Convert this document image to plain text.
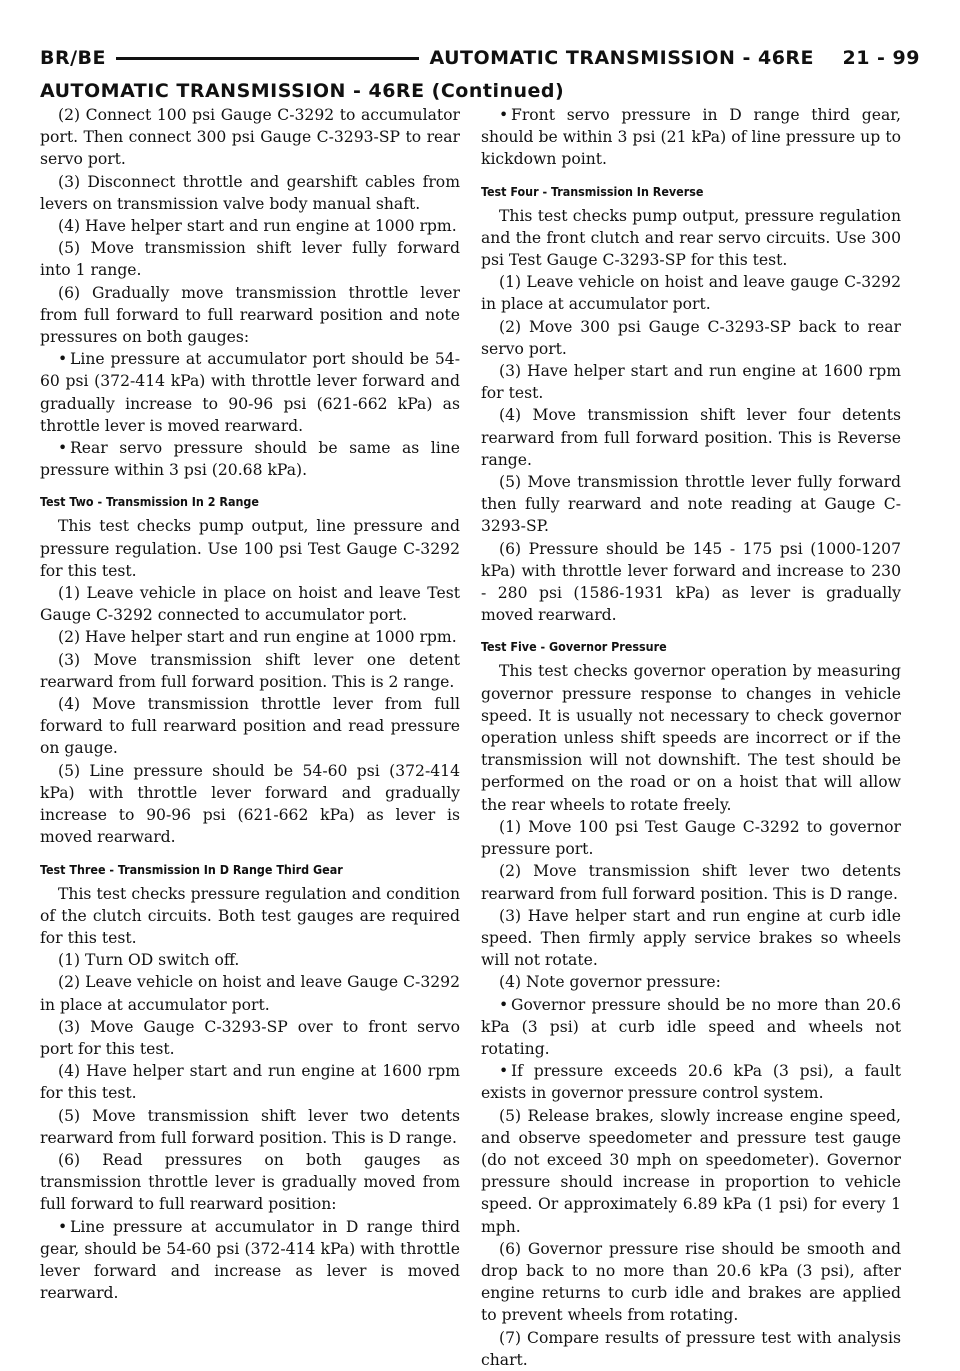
BR/BE	AUTOMATIC TRANSMISSION - 46RE    21 - 99
AUTOMATIC TRANSMISSION - 46RE (Continued)

(2) Connect 100 psi Gauge C-3292 to accumulator port. Then connect 300 psi Gauge C-3293-SP to rear servo port.

(3) Disconnect throttle and gearshift cables from levers on transmission valve body manual shaft.

(4) Have helper start and run engine at 1000 rpm.

(5) Move transmission shift lever fully forward into 1 range.

(6) Gradually move transmission throttle lever from full forward to full rearward position and note pressures on both gauges:

• Line pressure at accumulator port should be 54-60 psi (372-414 kPa) with throttle lever forward and gradually increase to 90-96 psi (621-662 kPa) as throttle lever is moved rearward.

• Rear servo pressure should be same as line pressure within 3 psi (20.68 kPa).

Test Two - Transmission In 2 Range

This test checks pump output, line pressure and pressure regulation. Use 100 psi Test Gauge C-3292 for this test.

(1) Leave vehicle in place on hoist and leave Test Gauge C-3292 connected to accumulator port.

(2) Have helper start and run engine at 1000 rpm.

(3) Move transmission shift lever one detent rearward from full forward position. This is 2 range.

(4) Move transmission throttle lever from full forward to full rearward position and read pressure on gauge.

(5) Line pressure should be 54-60 psi (372-414 kPa) with throttle lever forward and gradually increase to 90-96 psi (621-662 kPa) as lever is moved rearward.

Test Three - Transmission In D Range Third Gear

This test checks pressure regulation and condition of the clutch circuits. Both test gauges are required for this test.

(1) Turn OD switch off.

(2) Leave vehicle on hoist and leave Gauge C-3292 in place at accumulator port.

(3) Move Gauge C-3293-SP over to front servo port for this test.

(4) Have helper start and run engine at 1600 rpm for this test.

(5) Move transmission shift lever two detents rearward from full forward position. This is D range.

(6) Read pressures on both gauges as transmission throttle lever is gradually moved from full forward to full rearward position:

• Line pressure at accumulator in D range third gear, should be 54-60 psi (372-414 kPa) with throttle lever forward and increase as lever is moved rearward.

• Front servo pressure in D range third gear, should be within 3 psi (21 kPa) of line pressure up to kickdown point.

Test Four - Transmission In Reverse

This test checks pump output, pressure regulation and the front clutch and rear servo circuits. Use 300 psi Test Gauge C-3293-SP for this test.

(1) Leave vehicle on hoist and leave gauge C-3292 in place at accumulator port.

(2) Move 300 psi Gauge C-3293-SP back to rear servo port.

(3) Have helper start and run engine at 1600 rpm for test.

(4) Move transmission shift lever four detents rearward from full forward position. This is Reverse range.

(5) Move transmission throttle lever fully forward then fully rearward and note reading at Gauge C-3293-SP.

(6) Pressure should be 145 - 175 psi (1000-1207 kPa) with throttle lever forward and increase to 230 - 280 psi (1586-1931 kPa) as lever is gradually moved rearward.

Test Five - Governor Pressure

This test checks governor operation by measuring governor pressure response to changes in vehicle speed. It is usually not necessary to check governor operation unless shift speeds are incorrect or if the transmission will not downshift. The test should be performed on the road or on a hoist that will allow the rear wheels to rotate freely.

(1) Move 100 psi Test Gauge C-3292 to governor pressure port.

(2) Move transmission shift lever two detents rearward from full forward position. This is D range.

(3) Have helper start and run engine at curb idle speed. Then firmly apply service brakes so wheels will not rotate.

(4) Note governor pressure:

• Governor pressure should be no more than 20.6 kPa (3 psi) at curb idle speed and wheels not rotating.

• If pressure exceeds 20.6 kPa (3 psi), a fault exists in governor pressure control system.

(5) Release brakes, slowly increase engine speed, and observe speedometer and pressure test gauge (do not exceed 30 mph on speedometer). Governor pressure should increase in proportion to vehicle speed. Or approximately 6.89 kPa (1 psi) for every 1 mph.

(6) Governor pressure rise should be smooth and drop back to no more than 20.6 kPa (3 psi), after engine returns to curb idle and brakes are applied to prevent wheels from rotating.

(7) Compare results of pressure test with analysis chart.
